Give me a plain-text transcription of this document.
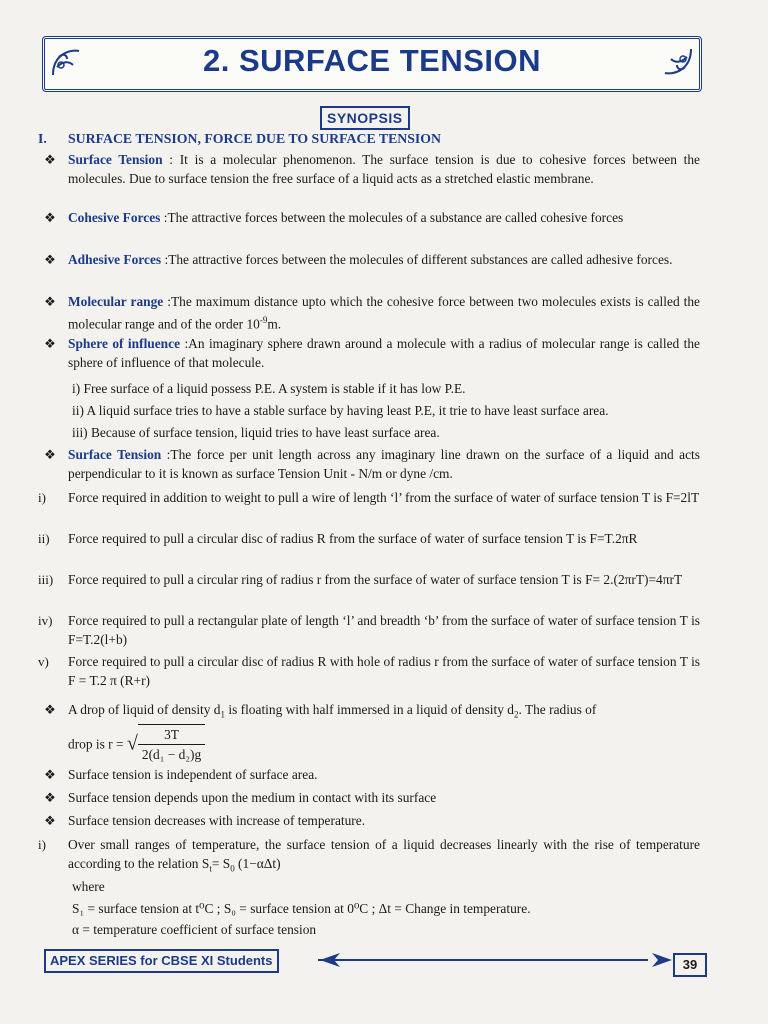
2. SURFACE TENSION
SYNOPSIS
I. SURFACE TENSION, FORCE DUE TO SURFACE TENSION
❖ Surface Tension : It is a molecular phenomenon. The surface tension is due to cohesive forces between the molecules. Due to surface tension the free surface of a liquid acts as a stretched elastic membrane.
❖ Cohesive Forces :The attractive forces between the molecules of a substance are called cohesive forces
❖ Adhesive Forces :The attractive forces between the molecules of different substances are called adhesive forces.
❖ Molecular range :The maximum distance upto which the cohesive force between two molecules exists is called the molecular range and of the order $10^{-9}m$.
❖ Sphere of influence :An imaginary sphere drawn around a molecule with a radius of molecular range is called the sphere of influence of that molecule.
i) Free surface of a liquid possess P.E. A system is stable if it has low P.E.
ii) A liquid surface tries to have a stable surface by having least P.E, it trie to have least surface area.
iii) Because of surface tension, liquid tries to have least surface area.
❖ Surface Tension :The force per unit length across any imaginary line drawn on the surface of a liquid and acts perpendicular to it is known as surface Tension Unit - N/m or dyne /cm.
i)	Force required in addition to weight to pull a wire of length ‘l’ from the surface of water of surface tension T is F=2lT
ii)	Force required to pull a circular disc of radius R from the surface of water of surface tension T is F=T.2πR
iii)	Force required to pull a circular ring of radius r from the surface of water of surface tension T is F= 2.(2πrT)=4πrT
iv)	Force required to pull a rectangular plate of length ‘l’ and breadth ‘b’ from the surface of water of surface tension T is F=T.2(l+b)
v)	Force required to pull a circular disc of radius R with hole of radius r from the surface of water of surface tension T is F = T.2 π (R+r)
❖ A drop of liquid of density $d_1$ is floating with half immersed in a liquid of density $d_2$. The radius of
drop is r = √ $\frac{3T}{\text{2(d₁ − d₂)g}}$
❖ Surface tension is independent of surface area.
❖ Surface tension depends upon the medium in contact with its surface
❖ Surface tension decreases with increase of temperature.
i)	Over small ranges of temperature, the surface tension of a liquid decreases linearly with the rise of temperature according to the relation $S_t= S_0$ (1−αΔt)
where
S₁ = surface tension at t⁰C ; S₀ = surface tension at 0⁰C ; Δt = Change in temperature.
α = temperature coefficient of surface tension
APEX SERIES for CBSE XI Students	39
